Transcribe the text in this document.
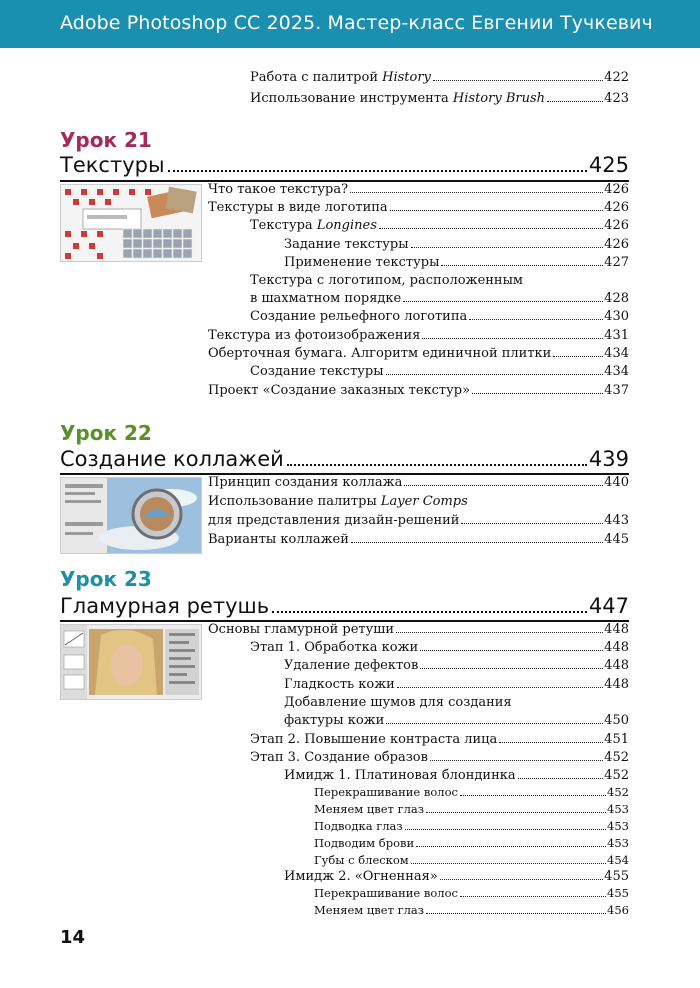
Adobe Photoshop CC 2025. Мастер-класс Евгении Тучкевич
Урок 21
Текстуры	425
Урок 22
Создание коллажей	439
Урок 23
Гламурная ретушь	447
14
Работа с палитрой History	422
Использование инструмента History Brush	423
Что такое текстура?	426
Текстуры в виде логотипа	426
Текстура Longines	426
Задание текстуры	426
Применение текстуры	427
Текстура с логотипом, расположенным
в шахматном порядке	428
Создание рельефного логотипа	430
Текстура из фотоизображения	431
Оберточная бумага. Алгоритм единичной плитки	434
Создание текстуры	434
Проект «Создание заказных текстур»	437
Принцип создания коллажа	440
Использование палитры Layer Comps
для представления дизайн-решений	443
Варианты коллажей	445
Основы гламурной ретуши	448
Этап 1. Обработка кожи	448
Удаление дефектов	448
Гладкость кожи	448
Добавление шумов для создания
фактуры кожи	450
Этап 2. Повышение контраста лица	451
Этап 3. Создание образов	452
Имидж 1. Платиновая блондинка	452
Перекрашивание волос	452
Меняем цвет глаз	453
Подводка глаз	453
Подводим брови	453
Губы с блеском	454
Имидж 2. «Огненная»	455
Перекрашивание волос	455
Меняем цвет глаз	456
